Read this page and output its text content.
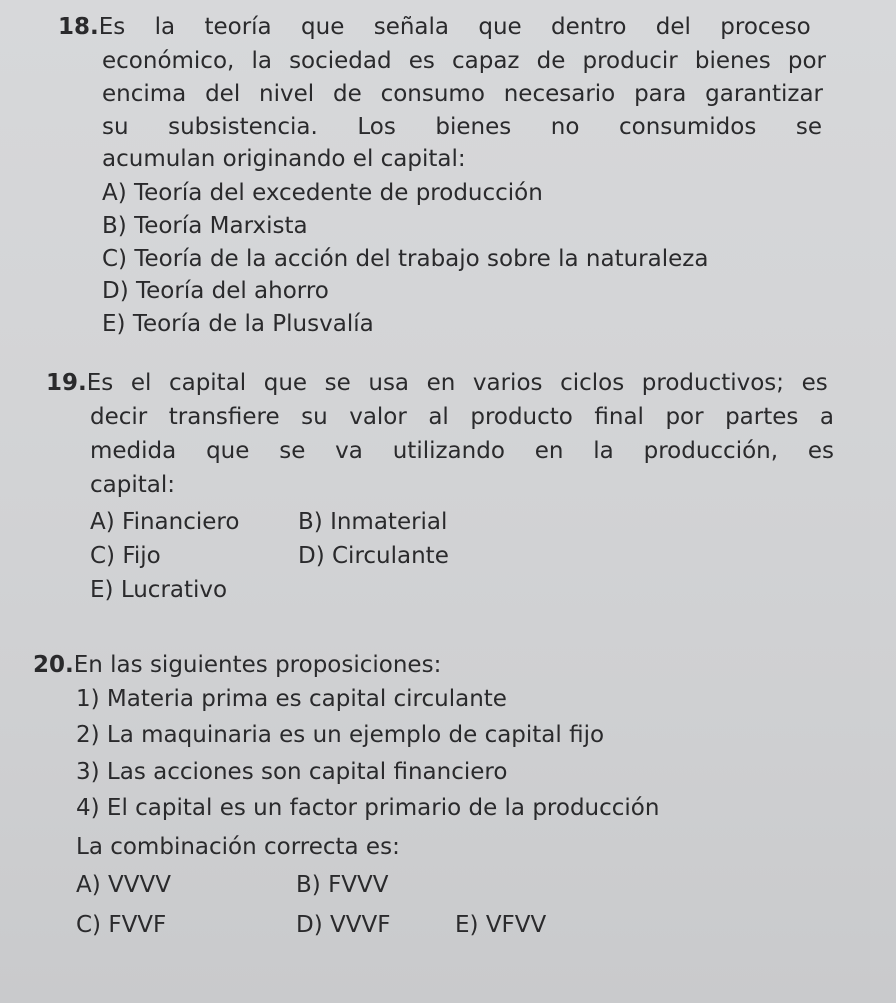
18.Es la teoría que señala que dentro del proceso
económico, la sociedad es capaz de producir bienes por
encima del nivel de consumo necesario para garantizar
su subsistencia. Los bienes no consumidos se
acumulan originando el capital:
A) Teoría del excedente de producción
B) Teoría Marxista
C) Teoría de la acción del trabajo sobre la naturaleza
D) Teoría del ahorro
E) Teoría de la Plusvalía
19.Es el capital que se usa en varios ciclos productivos; es
decir transfiere su valor al producto final por partes a
medida que se va utilizando en la producción, es
capital:
A) Financiero	B) Inmaterial
C) Fijo	D) Circulante
E) Lucrativo
20.En las siguientes proposiciones:
1) Materia prima es capital circulante
2) La maquinaria es un ejemplo de capital fijo
3) Las acciones son capital financiero
4) El capital es un factor primario de la producción
La combinación correcta es:
A) VVVV	B) FVVV
C) FVVF	D) VVVF	E) VFVV
